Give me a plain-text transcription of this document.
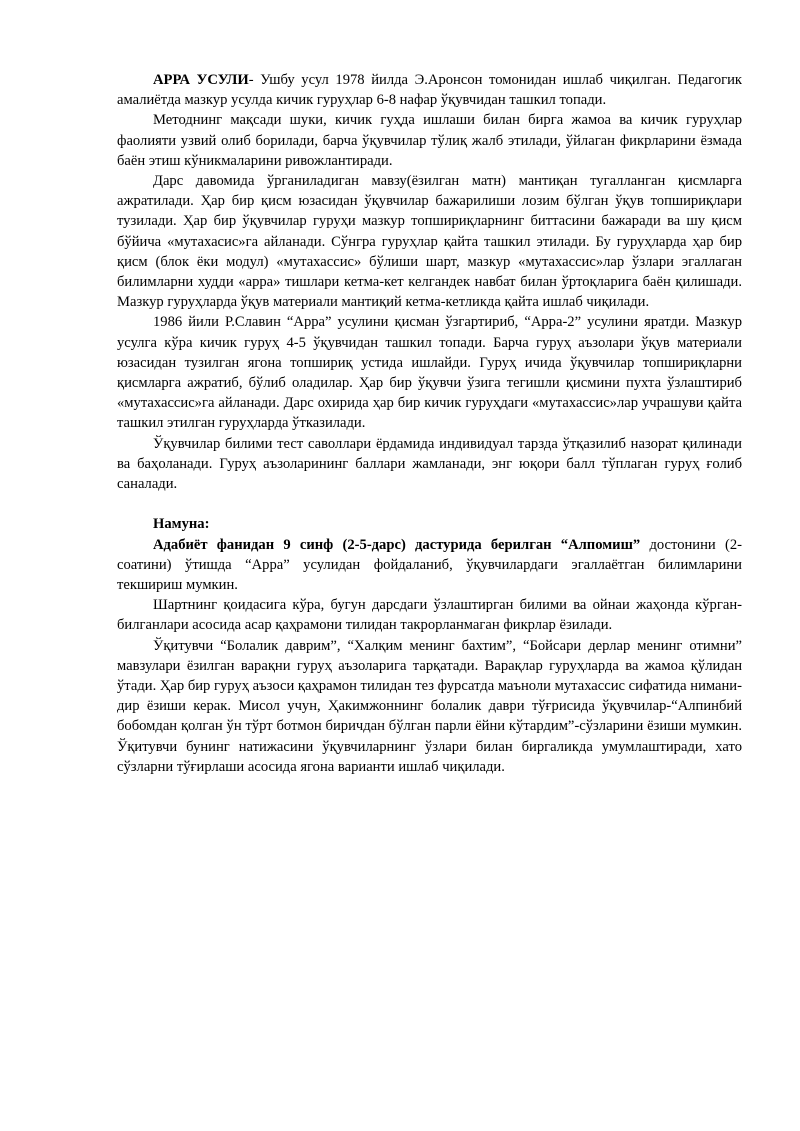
АРРА УСУЛИ- Ушбу усул 1978 йилда Э.Аронсон томонидан ишлаб чиқилган. Педагогик амалиётда мазкур усулда кичик гуруҳлар 6-8 нафар ўқувчидан ташкил топади.

Методнинг мақсади шуки, кичик гуҳда ишлаши билан бирга жамоа ва кичик гуруҳлар фаолияти узвий олиб борилади, барча ўқувчилар тўлиқ жалб этилади, ўйлаган фикрларини ёзмада баён этиш кўникмаларини ривожлантиради.

Дарс давомида ўрганиладиган мавзу(ёзилган матн) мантиқан тугалланган қисмларга ажратилади. Ҳар бир қисм юзасидан ўқувчилар бажарилиши лозим бўлган ўқув топшириқлари тузилади. Ҳар бир ўқувчилар гуруҳи мазкур топшириқларнинг биттасини бажаради ва шу қисм бўйича «мутахасис»га айланади. Сўнгра гуруҳлар қайта ташкил этилади. Бу гуруҳларда ҳар бир қисм (блок ёки модул) «мутахассис» бўлиши шарт, мазкур «мутахассис»лар ўзлари эгаллаган билимларни худди «арра» тишлари кетма-кет келгандек навбат билан ўртоқларига баён қилишади. Мазкур гуруҳларда ўқув материали мантиқий кетма-кетликда қайта ишлаб чиқилади.

1986 йили Р.Славин “Арра” усулини қисман ўзгартириб, “Арра-2” усулини яратди. Мазкур усулга кўра кичик гуруҳ 4-5 ўқувчидан ташкил топади. Барча гуруҳ аъзолари ўқув материали юзасидан тузилган ягона топшириқ устида ишлайди. Гуруҳ ичида ўқувчилар топшириқларни қисмларга ажратиб, бўлиб оладилар. Ҳар бир ўқувчи ўзига тегишли қисмини пухта ўзлаштириб «мутахассис»га айланади. Дарс охирида ҳар бир кичик гуруҳдаги «мутахассис»лар учрашуви қайта ташкил этилган гуруҳларда ўтказилади.

Ўқувчилар билими тест саволлари ёрдамида индивидуал тарзда ўтқазилиб назорат қилинади ва баҳоланади. Гуруҳ аъзоларининг баллари жамланади, энг юқори балл тўплаган гуруҳ ғолиб саналади.

Намуна:

Адабиёт фанидан 9 синф (2-5-дарс) дастурида берилган “Алпомиш” достонини (2-соатини) ўтишда “Арра” усулидан фойдаланиб, ўқувчилардаги эгаллаётган билимларини текшириш мумкин.

Шартнинг қоидасига кўра, бугун дарсдаги ўзлаштирган билими ва ойнаи жаҳонда кўрган-билганлари асосида асар қаҳрамони тилидан такрорланмаган фикрлар ёзилади.

Ўқитувчи “Болалик даврим”, “Халқим менинг бахтим”, “Бойсари дерлар менинг отимни” мавзулари ёзилган варақни гуруҳ аъзоларига тарқатади. Варақлар гуруҳларда ва жамоа қўлидан ўтади. Ҳар бир гуруҳ аъзоси қаҳрамон тилидан тез фурсатда маъноли мутахассис сифатида ниманидир ёзиши керак. Мисол учун, Ҳакимжоннинг болалик даври тўғрисида ўқувчилар-“Алпинбий бобомдан қолган ўн тўрт ботмон биричдан бўлган парли ёйни кўтардим”-сўзларини ёзиши мумкин. Ўқитувчи бунинг натижасини ўқувчиларнинг ўзлари билан биргаликда умумлаштиради, хато сўзларни тўғирлаши асосида ягона варианти ишлаб чиқилади.
